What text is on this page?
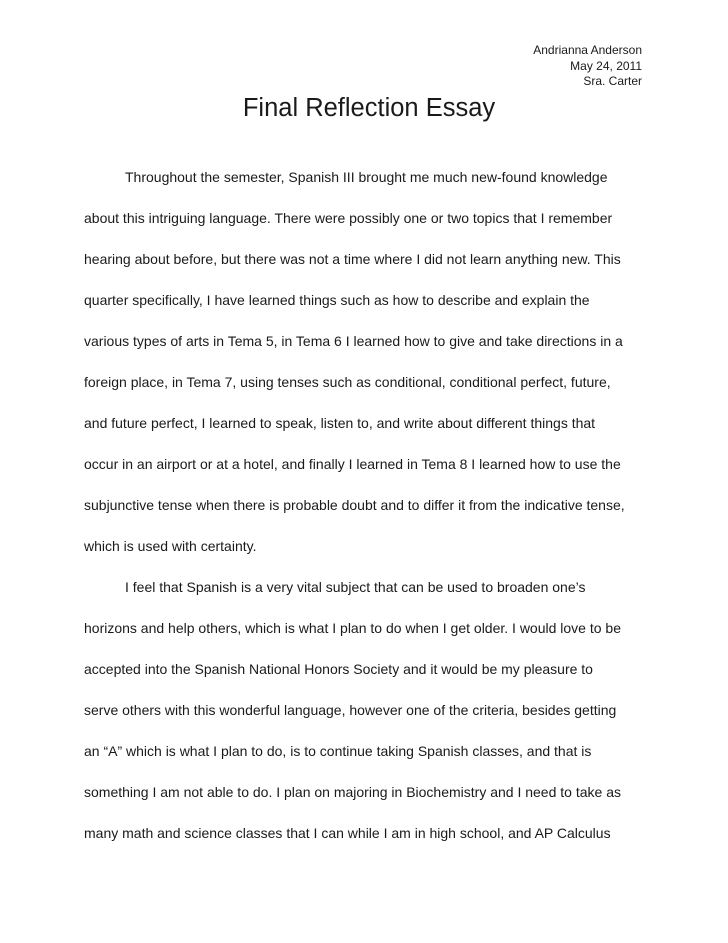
Andrianna Anderson
May 24, 2011
Sra. Carter
Final Reflection Essay
Throughout the semester, Spanish III brought me much new-found knowledge
about this intriguing language. There were possibly one or two topics that I remember
hearing about before, but there was not a time where I did not learn anything new. This
quarter specifically, I have learned things such as how to describe and explain the
various types of arts in Tema 5, in Tema 6 I learned how to give and take directions in a
foreign place, in Tema 7, using tenses such as conditional, conditional perfect, future,
and future perfect, I learned to speak, listen to, and write about different things that
occur in an airport or at a hotel, and finally I learned in Tema 8 I learned how to use the
subjunctive tense when there is probable doubt and to differ it from the indicative tense,
which is used with certainty.
I feel that Spanish is a very vital subject that can be used to broaden one’s
horizons and help others, which is what I plan to do when I get older. I would love to be
accepted into the Spanish National Honors Society and it would be my pleasure to
serve others with this wonderful language, however one of the criteria, besides getting
an “A” which is what I plan to do, is to continue taking Spanish classes, and that is
something I am not able to do. I plan on majoring in Biochemistry and I need to take as
many math and science classes that I can while I am in high school, and AP Calculus
